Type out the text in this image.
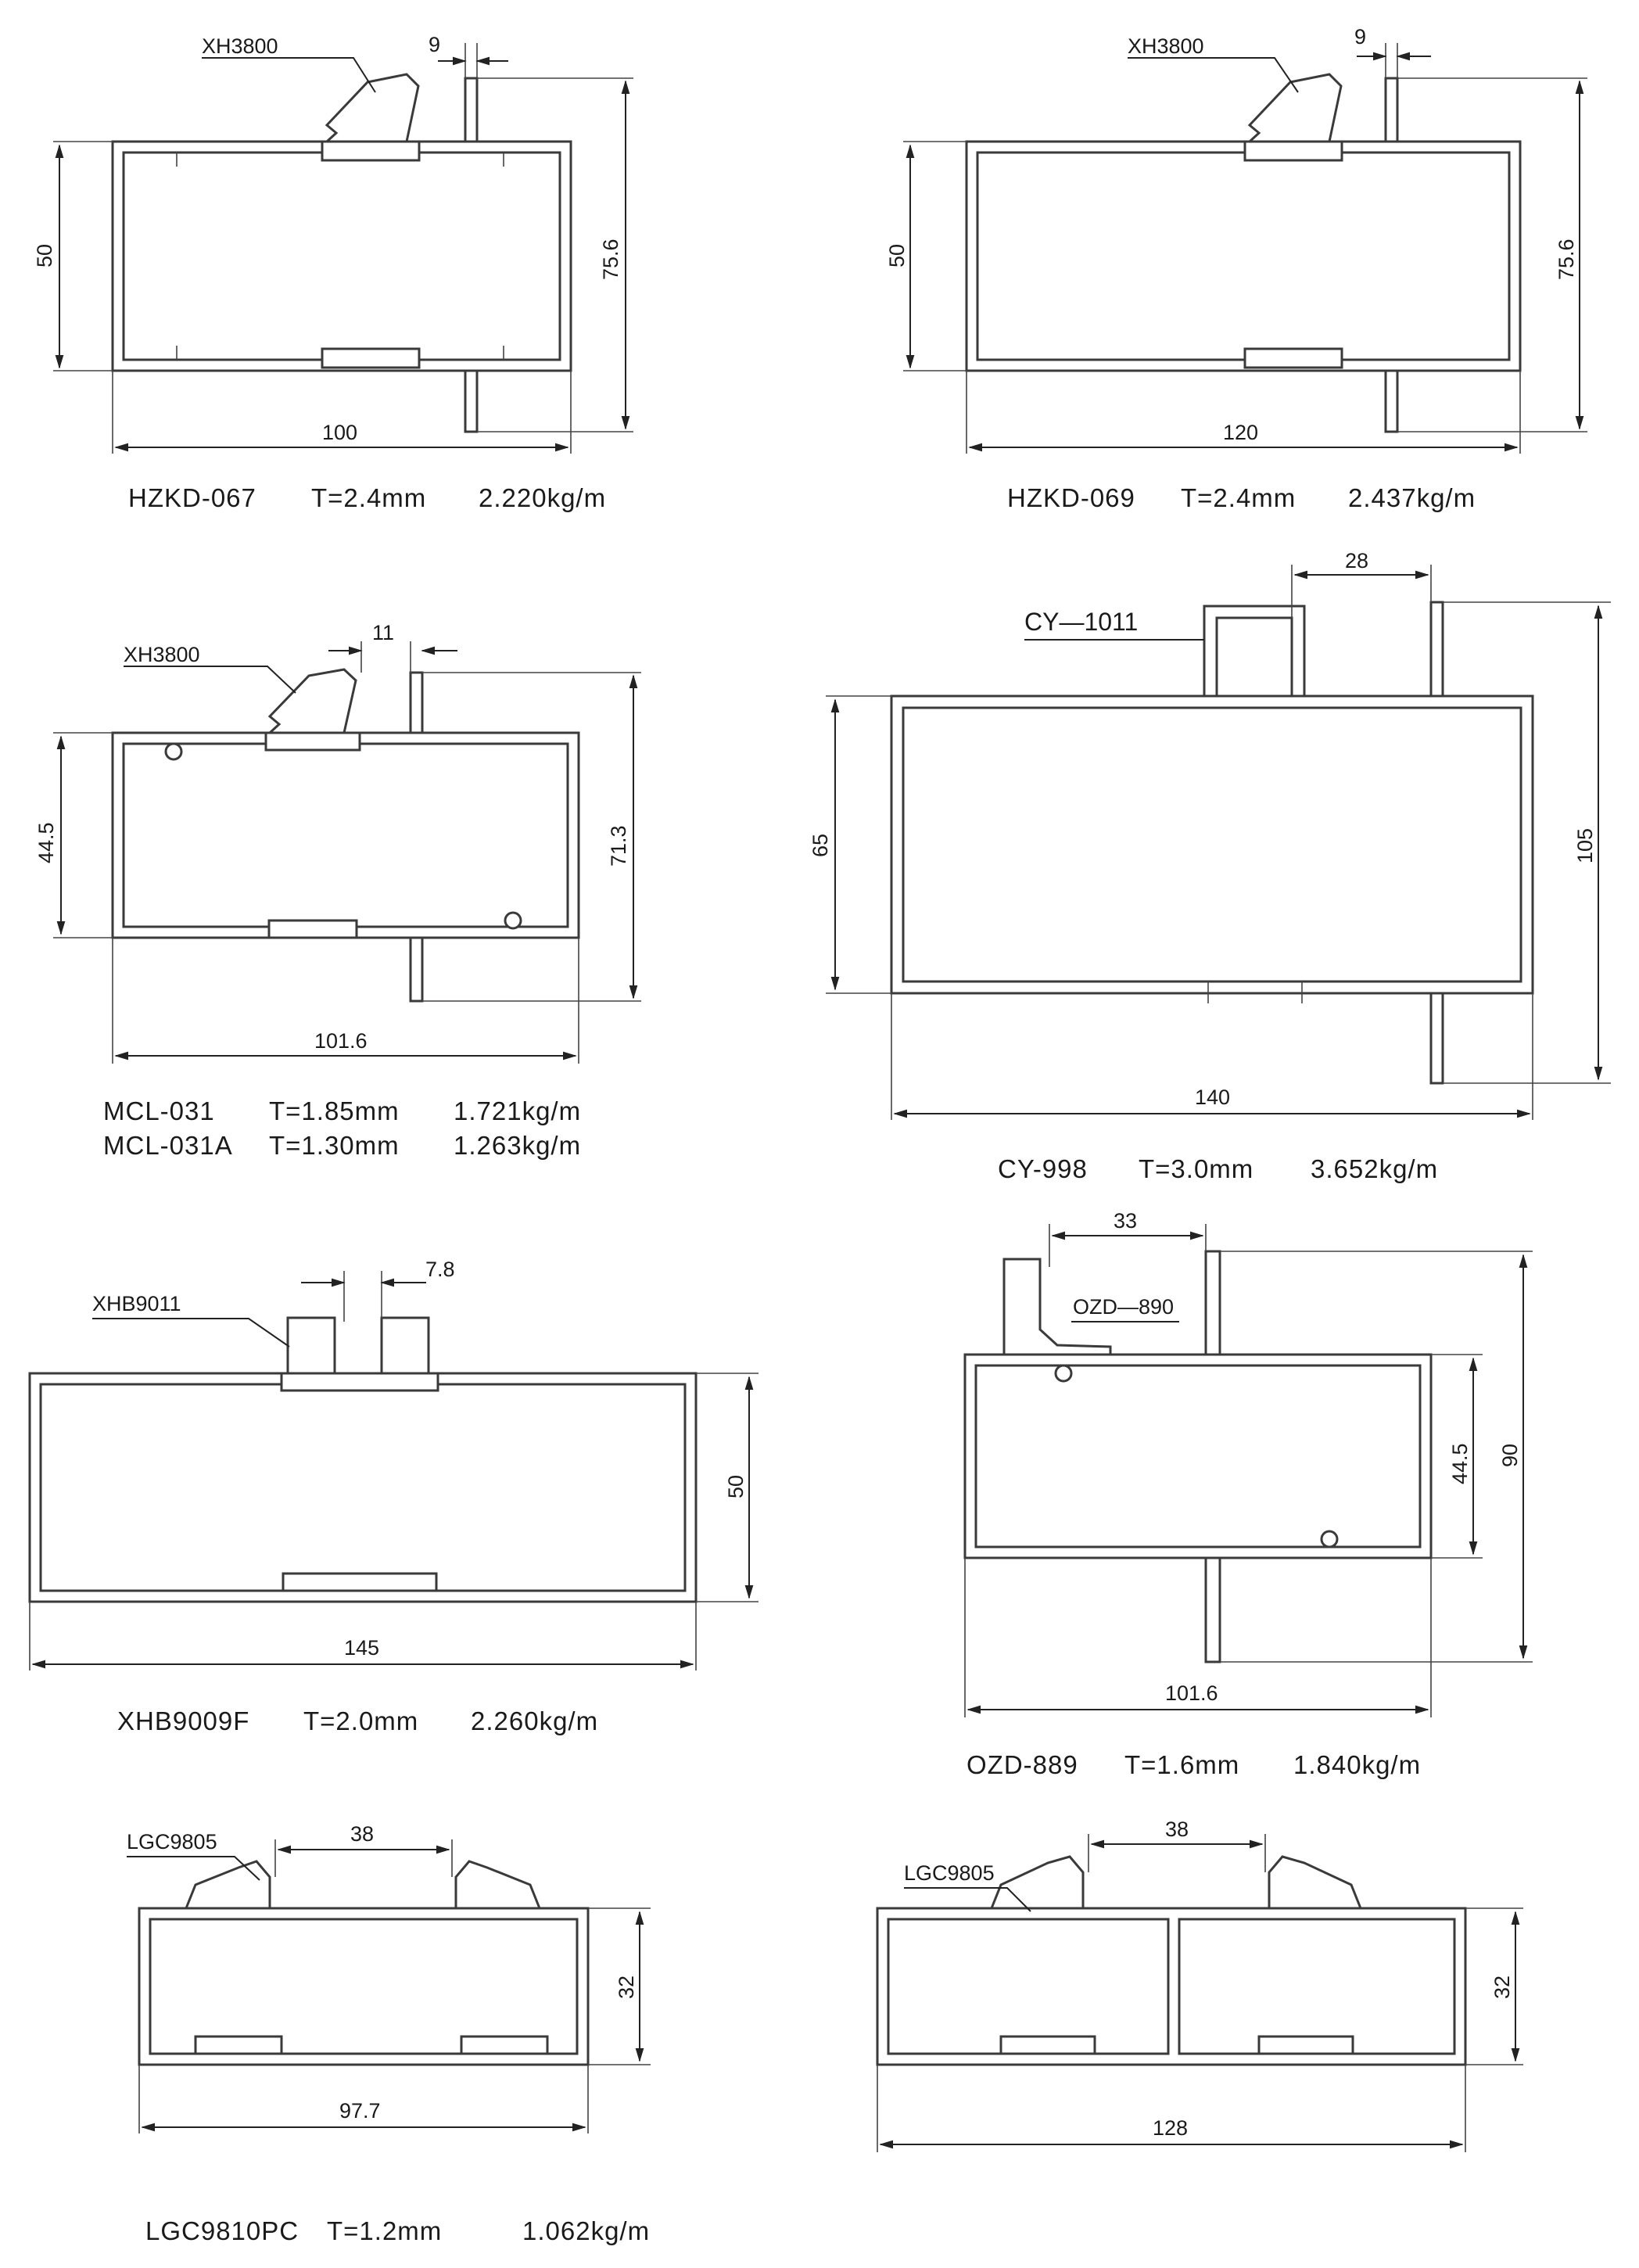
XH3800	9
50	75.6
100
HZKD-067 T=2.4mm 2.220kg/m
XH3800	9
50	75.6
120
HZKD-069 T=2.4mm 2.437kg/m
XH3800
11
44.5	71.3
101.6
MCL-031 T=1.85mm 1.721kg/m
MCL-031A T=1.30mm 1.263kg/m
CY—1011
28
65	105
140
CY-998 T=3.0mm 3.652kg/m
XHB9011
7.8
50
145
XHB9009F T=2.0mm 2.260kg/m
OZD—890
33
44.5 90
101.6
OZD-889 T=1.6mm 1.840kg/m
LGC9805	38
32
97.7
LGC9810PC T=1.2mm	1.062kg/m
LGC9805
38
32
128
